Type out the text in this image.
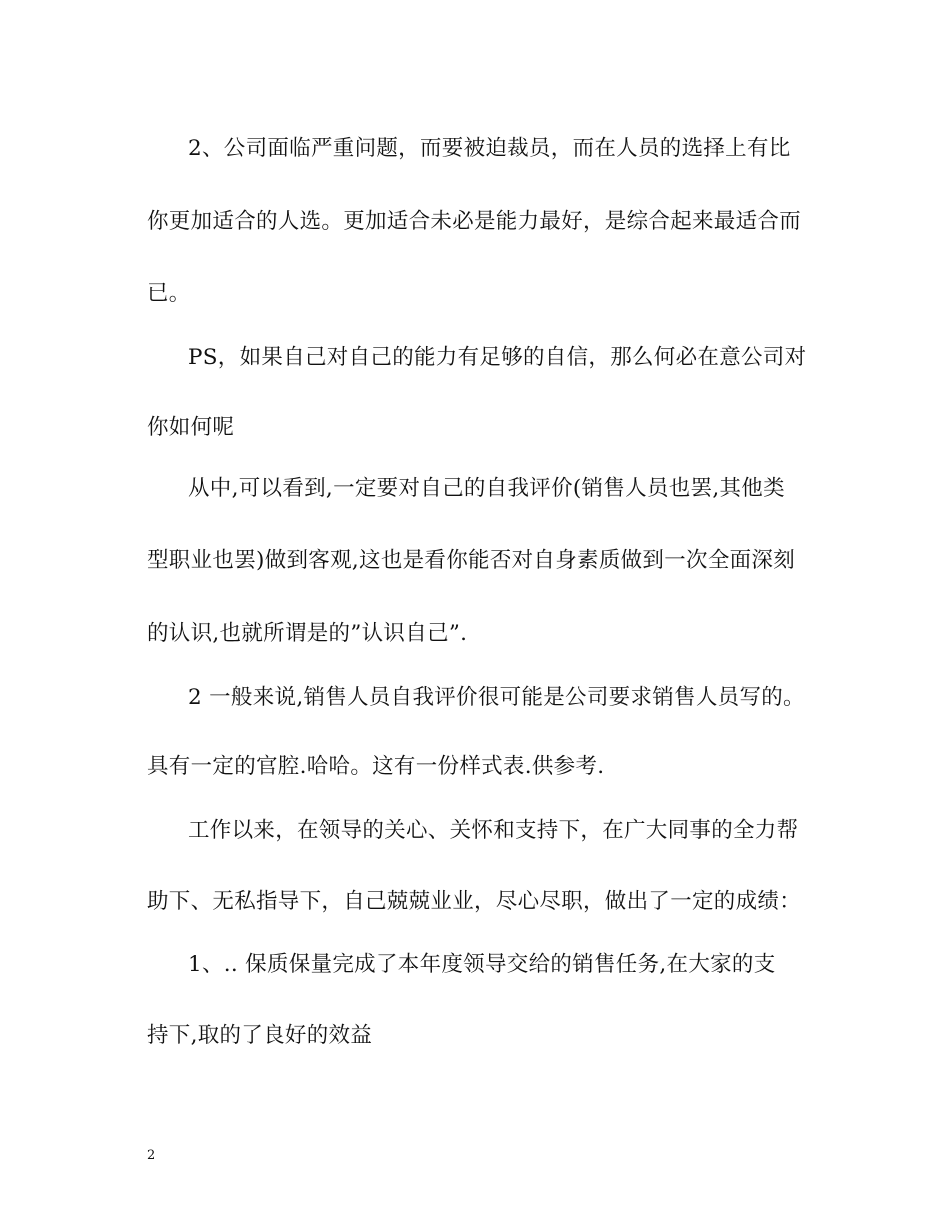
2、公司面临严重问题，而要被迫裁员，而在人员的选择上有比
你更加适合的人选。更加适合未必是能力最好，是综合起来最适合而
已。
PS，如果自己对自己的能力有足够的自信，那么何必在意公司对
你如何呢
从中,可以看到,一定要对自己的自我评价(销售人员也罢,其他类
型职业也罢)做到客观,这也是看你能否对自身素质做到一次全面深刻
的认识,也就所谓是的”认识自己”.
2 一般来说,销售人员自我评价很可能是公司要求销售人员写的。
具有一定的官腔.哈哈。这有一份样式表.供参考.
工作以来，在领导的关心、关怀和支持下，在广大同事的全力帮
助下、无私指导下，自己兢兢业业，尽心尽职，做出了一定的成绩：
1、.. 保质保量完成了本年度领导交给的销售任务,在大家的支
持下,取的了良好的效益
2
